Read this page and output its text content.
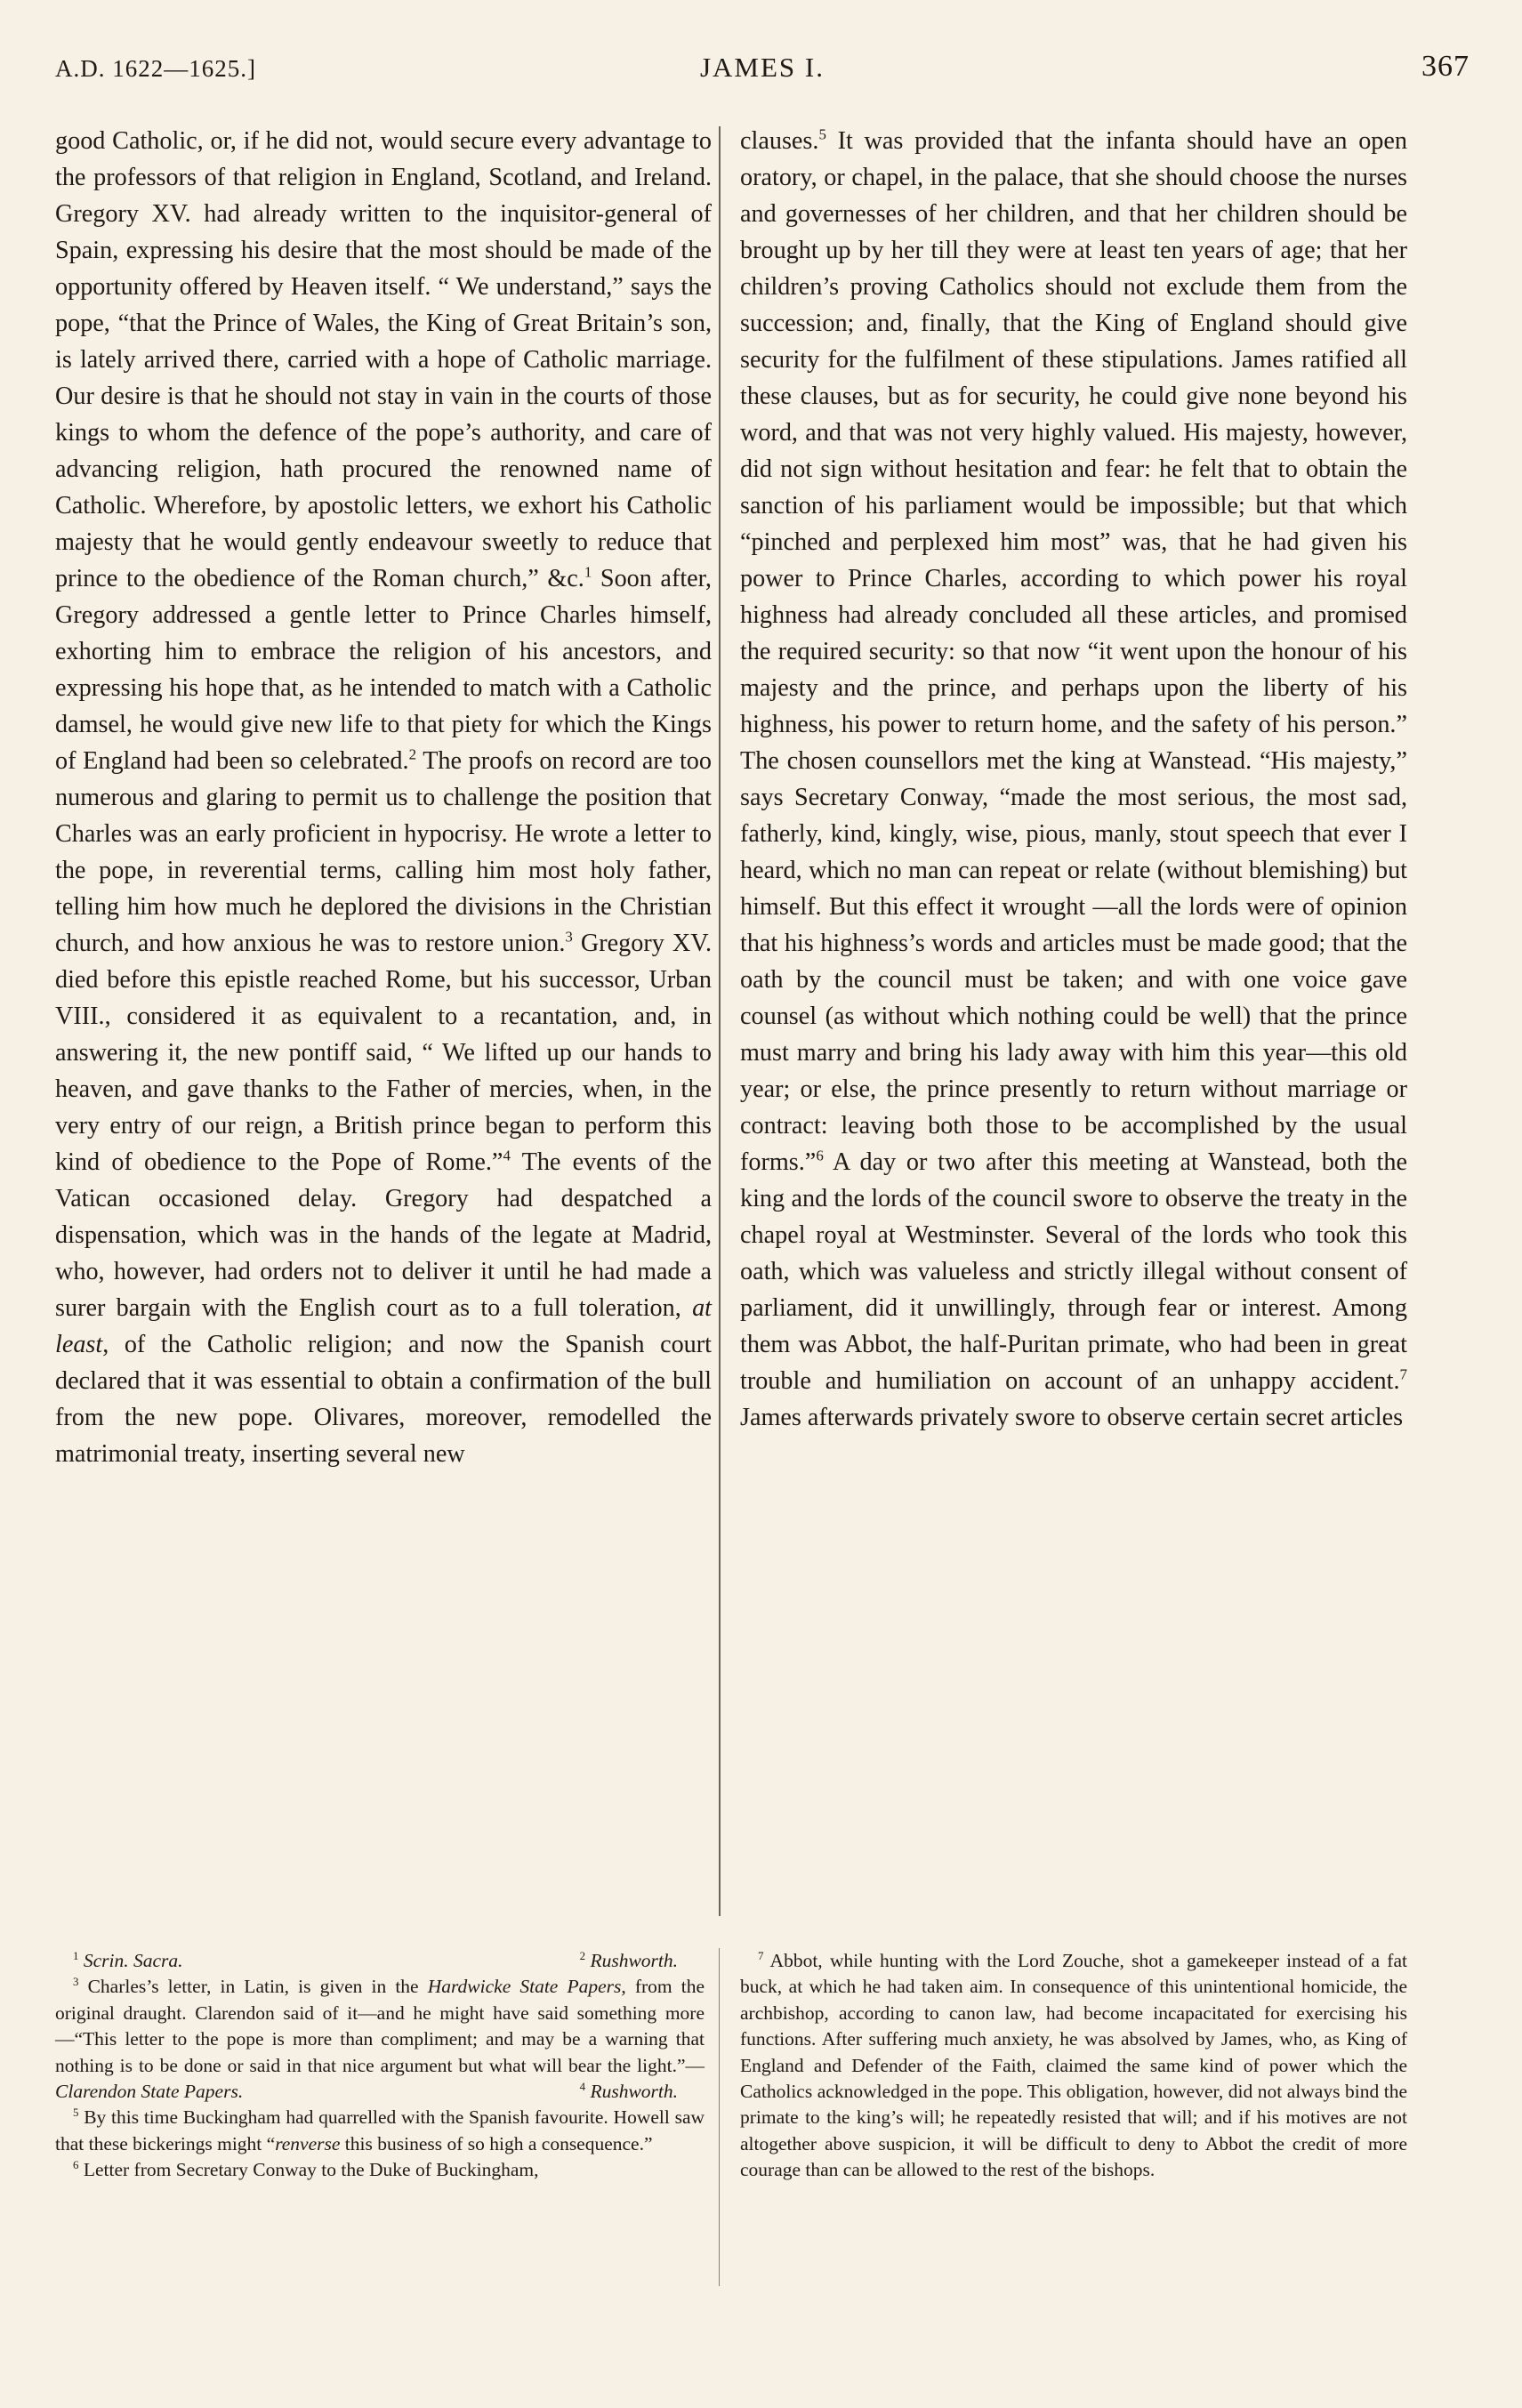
A.D. 1622—1625.]	JAMES I.	367

good Catholic, or, if he did not, would secure every advantage to the professors of that religion in England, Scotland, and Ireland. Gregory XV. had already written to the inquisitor-general of Spain, expressing his desire that the most should be made of the opportunity offered by Heaven itself. “ We understand,” says the pope, “that the Prince of Wales, the King of Great Britain’s son, is lately arrived there, carried with a hope of Catholic marriage. Our desire is that he should not stay in vain in the courts of those kings to whom the defence of the pope’s authority, and care of advancing religion, hath procured the renowned name of Catholic. Wherefore, by apostolic letters, we exhort his Catholic majesty that he would gently endeavour sweetly to reduce that prince to the obedience of the Roman church,” &c.$^1$ Soon after, Gregory addressed a gentle letter to Prince Charles himself, exhorting him to embrace the religion of his ancestors, and expressing his hope that, as he intended to match with a Catholic damsel, he would give new life to that piety for which the Kings of England had been so celebrated.$^2$ The proofs on record are too numerous and glaring to permit us to challenge the position that Charles was an early proficient in hypocrisy. He wrote a letter to the pope, in reverential terms, calling him most holy father, telling him how much he deplored the divisions in the Christian church, and how anxious he was to restore union.$^3$ Gregory XV. died before this epistle reached Rome, but his successor, Urban VIII., considered it as equivalent to a recantation, and, in answering it, the new pontiff said, “ We lifted up our hands to heaven, and gave thanks to the Father of mercies, when, in the very entry of our reign, a British prince began to perform this kind of obedience to the Pope of Rome.”$^4$ The events of the Vatican occasioned delay. Gregory had despatched a dispensation, which was in the hands of the legate at Madrid, who, however, had orders not to deliver it until he had made a surer bargain with the English court as to a full toleration, at least, of the Catholic religion; and now the Spanish court declared that it was essential to obtain a confirmation of the bull from the new pope. Olivares, moreover, remodelled the matrimonial treaty, inserting several new

clauses.$^5$ It was provided that the infanta should have an open oratory, or chapel, in the palace, that she should choose the nurses and governesses of her children, and that her children should be brought up by her till they were at least ten years of age; that her children’s proving Catholics should not exclude them from the succession; and, finally, that the King of England should give security for the fulfilment of these stipulations. James ratified all these clauses, but as for security, he could give none beyond his word, and that was not very highly valued. His majesty, however, did not sign without hesitation and fear: he felt that to obtain the sanction of his parliament would be impossible; but that which “pinched and perplexed him most” was, that he had given his power to Prince Charles, according to which power his royal highness had already concluded all these articles, and promised the required security: so that now “it went upon the honour of his majesty and the prince, and perhaps upon the liberty of his highness, his power to return home, and the safety of his person.” The chosen counsellors met the king at Wanstead. “His majesty,” says Secretary Conway, “made the most serious, the most sad, fatherly, kind, kingly, wise, pious, manly, stout speech that ever I heard, which no man can repeat or relate (without blemishing) but himself. But this effect it wrought —all the lords were of opinion that his highness’s words and articles must be made good; that the oath by the council must be taken; and with one voice gave counsel (as without which nothing could be well) that the prince must marry and bring his lady away with him this year—this old year; or else, the prince presently to return without marriage or contract: leaving both those to be accomplished by the usual forms.”$^6$ A day or two after this meeting at Wanstead, both the king and the lords of the council swore to observe the treaty in the chapel royal at Westminster. Several of the lords who took this oath, which was valueless and strictly illegal without consent of parliament, did it unwillingly, through fear or interest. Among them was Abbot, the half-Puritan primate, who had been in great trouble and humiliation on account of an unhappy accident.$^7$ James afterwards privately swore to observe certain secret articles

$^1$ Scrin. Sacra.	$^2$ Rushworth.

$^3$ Charles’s letter, in Latin, is given in the Hardwicke State Papers, from the original draught. Clarendon said of it—and he might have said something more—“This letter to the pope is more than compliment; and may be a warning that nothing is to be done or said in that nice argument but what will bear the light.”—Clarendon State Papers.	$^4$ Rushworth.

$^5$ By this time Buckingham had quarrelled with the Spanish favourite. Howell saw that these bickerings might “renverse this business of so high a consequence.”

$^6$ Letter from Secretary Conway to the Duke of Buckingham,

$^7$ Abbot, while hunting with the Lord Zouche, shot a gamekeeper instead of a fat buck, at which he had taken aim. In consequence of this unintentional homicide, the archbishop, according to canon law, had become incapacitated for exercising his functions. After suffering much anxiety, he was absolved by James, who, as King of England and Defender of the Faith, claimed the same kind of power which the Catholics acknowledged in the pope. This obligation, however, did not always bind the primate to the king’s will; he repeatedly resisted that will; and if his motives are not altogether above suspicion, it will be difficult to deny to Abbot the credit of more courage than can be allowed to the rest of the bishops.
